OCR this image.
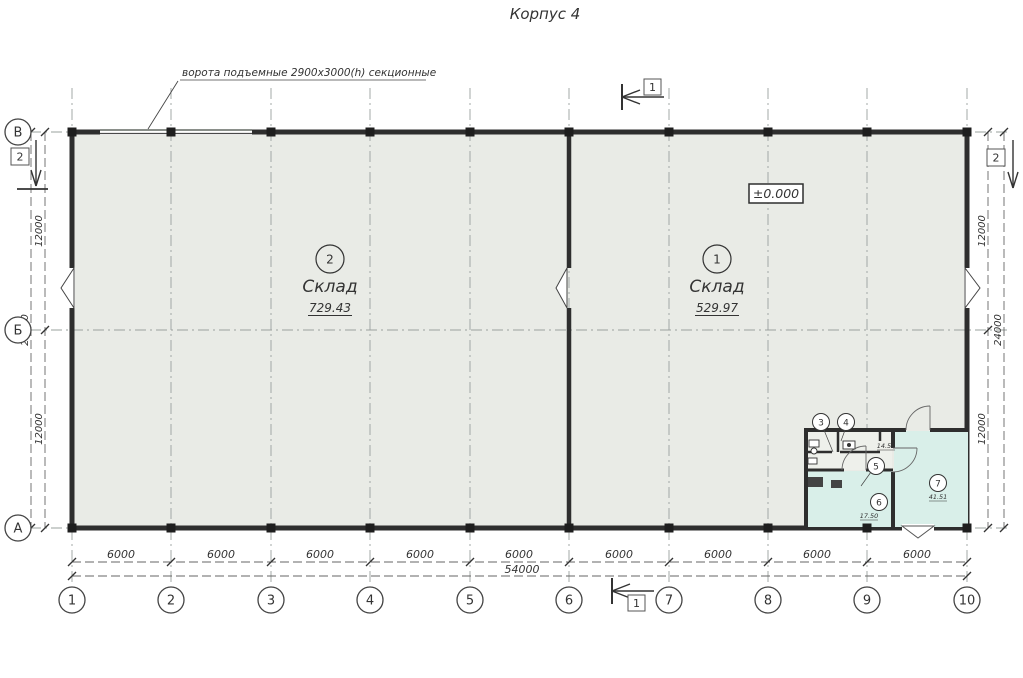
6000	6000	6000	6000	6000	6000	6000	6000	6000
54000
12000
12000
12000
12000
24000
1	2	3	4	5	6	7	8	9	10
В
Б
А
1
1
2	2
±0.000
ворота подъемные 2900x3000(h) секционные
Корпус 4
2
Склад
729.43
1
Склад
529.97
3 4
14.50
5
6
17.50
7
41.51
